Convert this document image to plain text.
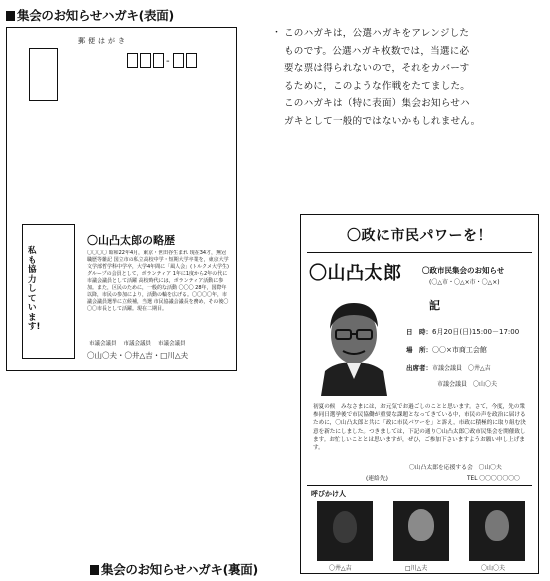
集会のお知らせハガキ(表面)
郵便はがき
-
私も協力しています!
〇山凸太郎の略歴
〇〇〇〇 昭和22年4月，東京・世田谷生まれ 現在34才，無冠 職歴等雑記 国立市の私立高校中学・短期大学卒業を，東京大学文学部哲学科中学卒，大学4年間に「風人会」(トルクメ大学生)グループの会員として，ボランティア 1年に1度から2年の代に市議会議員として活躍 高校時代には，ボランティア活動に参加。また，区民のために，一般的な活動 〇〇〇 28年，国際年 以降，市民の参加により，活動の輪を広げる。〇〇〇〇年，市議会議員選挙に立候補，当選 市民協議会議長を務め，その後〇〇〇市長として活躍。現在二期目。
市議会議員 市議会議員 市議会議員
〇山〇夫・〇井△吉・□川△夫
・ このハガキは，公選ハガキをアレンジした
ものです。公選ハガキ枚数では，当選に必
要な票は得られないので，それをカバーす
るために，このような作戦をたてました。
このハガキは（特に表面）集会お知らせハ
ガキとして一般的ではないかもしれません。
〇政に市民パワーを！
〇山凸太郎	〇政市民集会のお知らせ
(〇△市・〇△×市・〇△×)
記
日　時：6月20日(日)15:00－17:00
場　所：〇〇×市商工会館
出席者：市議会議員　〇井△吉
市議会議員　〇山〇夫
初夏の候　みなさまには，お元気でお過ごしのことと思います。さて，今度，先の衆参同日選挙後で市民協働が重要な課題となってきている中，市民の声を政治に届けるために，〇山凸太郎と共に「政に市民パワーを」と訴え，市政に積極的に取り組む決意を新たにしました。つきましては，下記の通り〇山凸太郎〇政市民集会を開催致します。お忙しいこととは思いますが，ぜひ，ご参加下さいますようお願い申し上げます。
〇山凸太郎を応援する会　〇山〇夫
(連絡先)	TEL 〇〇〇〇〇〇〇
呼びかけ人
〇井△吉	□川△夫	〇山〇夫
集会のお知らせハガキ(裏面)
